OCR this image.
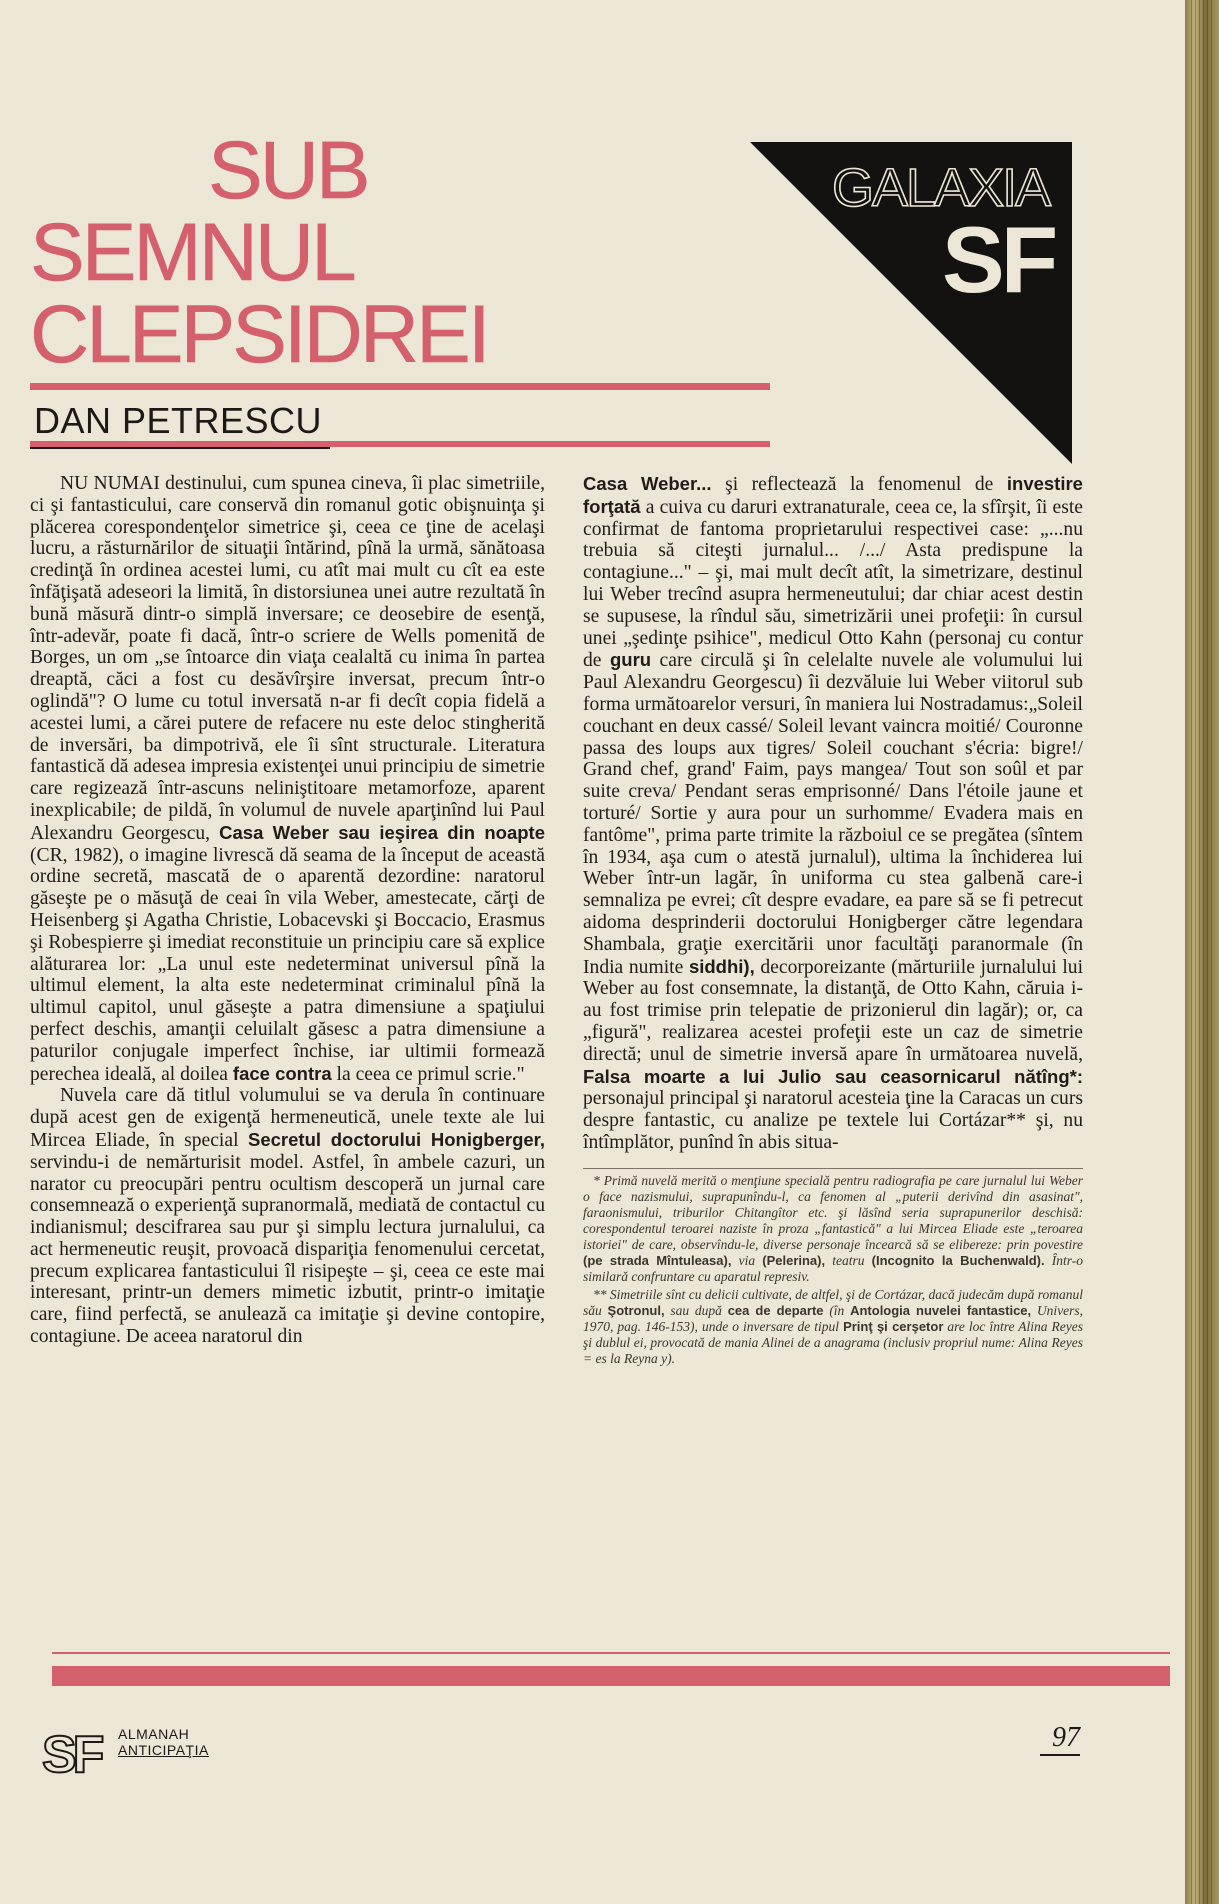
SUB
SEMNUL
CLEPSIDREI
DAN PETRESCU
GALAXIA
SF

NU NUMAI destinului, cum spunea cineva, îi plac simetriile, ci şi fantasticului, care conservă din romanul gotic obişnuinţa şi plăcerea corespondenţelor simetrice şi, ceea ce ţine de acelaşi lucru, a răsturnărilor de situaţii întărind, pînă la urmă, sănătoasa credinţă în ordinea acestei lumi, cu atît mai mult cu cît ea este înfăţişată adeseori la limită, în distorsiunea unei autre rezultată în bună măsură dintr-o simplă inversare; ce deosebire de esenţă, într-adevăr, poate fi dacă, într-o scriere de Wells pomenită de Borges, un om „se întoarce din viaţa cealaltă cu inima în partea dreaptă, căci a fost cu desăvîrşire inversat, precum într-o oglindă"? O lume cu totul inversată n-ar fi decît copia fidelă a acestei lumi, a cărei putere de refacere nu este deloc stingherită de inversări, ba dimpotrivă, ele îi sînt structurale. Literatura fantastică dă adesea impresia existenţei unui principiu de simetrie care regizează într-ascuns neliniştitoare metamorfoze, aparent inexplicabile; de pildă, în volumul de nuvele aparţinînd lui Paul Alexandru Georgescu, Casa Weber sau ieşirea din noapte (CR, 1982), o imagine livrescă dă seama de la început de această ordine secretă, mascată de o aparentă dezordine: naratorul găseşte pe o măsuţă de ceai în vila Weber, amestecate, cărţi de Heisenberg şi Agatha Christie, Lobacevski şi Boccacio, Erasmus şi Robespierre şi imediat reconstituie un principiu care să explice alăturarea lor: „La unul este nedeterminat universul pînă la ultimul element, la alta este nedeterminat criminalul pînă la ultimul capitol, unul găseşte a patra dimensiune a spaţiului perfect deschis, amanţii celuilalt găsesc a patra dimensiune a paturilor conjugale imperfect închise, iar ultimii formează perechea ideală, al doilea face contra la ceea ce primul scrie."

Nuvela care dă titlul volumului se va derula în continuare după acest gen de exigenţă hermeneutică, unele texte ale lui Mircea Eliade, în special Secretul doctorului Honigberger, servindu-i de nemărturisit model. Astfel, în ambele cazuri, un narator cu preocupări pentru ocultism descoperă un jurnal care consemnează o experienţă supranormală, mediată de contactul cu indianismul; descifrarea sau pur şi simplu lectura jurnalului, ca act hermeneutic reuşit, provoacă dispariţia fenomenului cercetat, precum explicarea fantasticului îl risipeşte – şi, ceea ce este mai interesant, printr-un demers mimetic izbutit, printr-o imitaţie care, fiind perfectă, se anulează ca imitaţie şi devine contopire, contagiune. De aceea naratorul din

Casa Weber... şi reflectează la fenomenul de investire forţată a cuiva cu daruri extranaturale, ceea ce, la sfîrşit, îi este confirmat de fantoma proprietarului respectivei case: „...nu trebuia să citeşti jurnalul... /.../ Asta predispune la contagiune..." – şi, mai mult decît atît, la simetrizare, destinul lui Weber trecînd asupra hermeneutului; dar chiar acest destin se supusese, la rîndul său, simetrizării unei profeţii: în cursul unei „şedinţe psihice", medicul Otto Kahn (personaj cu contur de guru care circulă şi în celelalte nuvele ale volumului lui Paul Alexandru Georgescu) îi dezvăluie lui Weber viitorul sub forma următoarelor versuri, în maniera lui Nostradamus:„Soleil couchant en deux cassé/ Soleil levant vaincra moitié/ Couronne passa des loups aux tigres/ Soleil couchant s'écria: bigre!/ Grand chef, grand' Faim, pays mangea/ Tout son soûl et par suite creva/ Pendant seras emprisonné/ Dans l'étoile jaune et torturé/ Sortie y aura pour un surhomme/ Evadera mais en fantôme", prima parte trimite la războiul ce se pregătea (sîntem în 1934, aşa cum o atestă jurnalul), ultima la închiderea lui Weber într-un lagăr, în uniforma cu stea galbenă care-i semnaliza pe evrei; cît despre evadare, ea pare să se fi petrecut aidoma desprinderii doctorului Honigberger către legendara Shambala, graţie exercitării unor facultăţi paranormale (în India numite siddhi), decorporeizante (mărturiile jurnalului lui Weber au fost consemnate, la distanţă, de Otto Kahn, căruia i-au fost trimise prin telepatie de prizonierul din lagăr); or, ca „figură", realizarea acestei profeţii este un caz de simetrie directă; unul de simetrie inversă apare în următoarea nuvelă, Falsa moarte a lui Julio sau ceasornicarul nătîng*: personajul principal şi naratorul acesteia ţine la Caracas un curs despre fantastic, cu analize pe textele lui Cortázar** şi, nu întîmplător, punînd în abis situa-

* Primă nuvelă merită o menţiune specială pentru radiografia pe care jurnalul lui Weber o face nazismului, suprapunîndu-l, ca fenomen al „puterii derivînd din asasinat", faraonismului, triburilor Chitangîtor etc. şi lăsînd seria suprapunerilor deschisă: corespondentul teroarei naziste în proza „fantastică" a lui Mircea Eliade este „teroarea istoriei" de care, observîndu-le, diverse personaje încearcă să se elibereze: prin povestire (pe strada Mîntuleasa), via (Pelerina), teatru (Incognito la Buchenwald). Într-o similară confruntare cu aparatul represiv.

** Simetriile sînt cu delicii cultivate, de altfel, şi de Cortázar, dacă judecăm după romanul său Şotronul, sau după cea de departe (în Antologia nuvelei fantastice, Univers, 1970, pag. 146-153), unde o inversare de tipul Prinţ şi cerşetor are loc între Alina Reyes şi dublul ei, provocată de mania Alinei de a anagrama (inclusiv propriul nume: Alina Reyes = es la Reyna y).

SF ALMANAH
ANTICIPAŢIA	97
